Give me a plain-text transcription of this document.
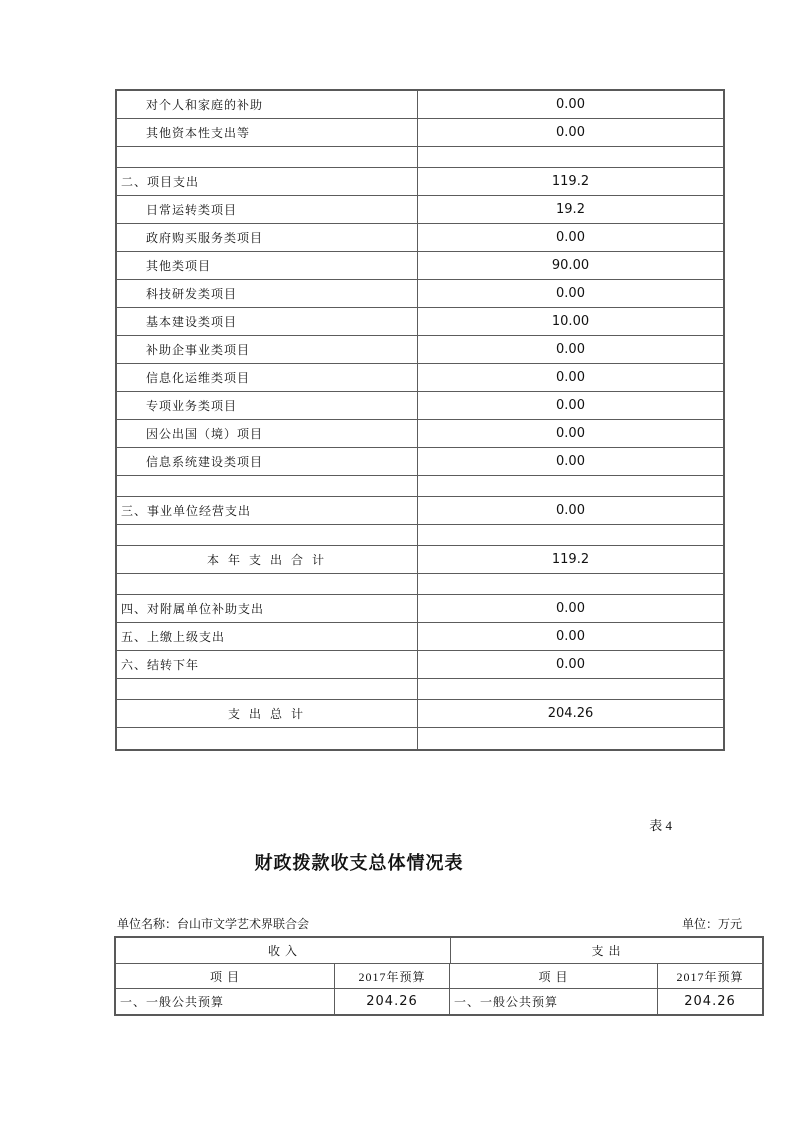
对个人和家庭的补助	0.00
其他资本性支出等	0.00
二、项目支出	119.2
日常运转类项目	19.2
政府购买服务类项目	0.00
其他类项目	90.00
科技研发类项目	0.00
基本建设类项目	10.00
补助企事业类项目	0.00
信息化运维类项目	0.00
专项业务类项目	0.00
因公出国（境）项目	0.00
信息系统建设类项目	0.00
三、事业单位经营支出	0.00
本 年 支 出 合 计	119.2
四、对附属单位补助支出	0.00
五、上缴上级支出	0.00
六、结转下年	0.00
支 出 总 计	204.26
表 4
财政拨款收支总体情况表
单位名称：台山市文学艺术界联合会	单位：万元
收 入	支 出
项 目	2017年预算	项 目	2017年预算
一、一般公共预算	204.26	一、一般公共预算	204.26
